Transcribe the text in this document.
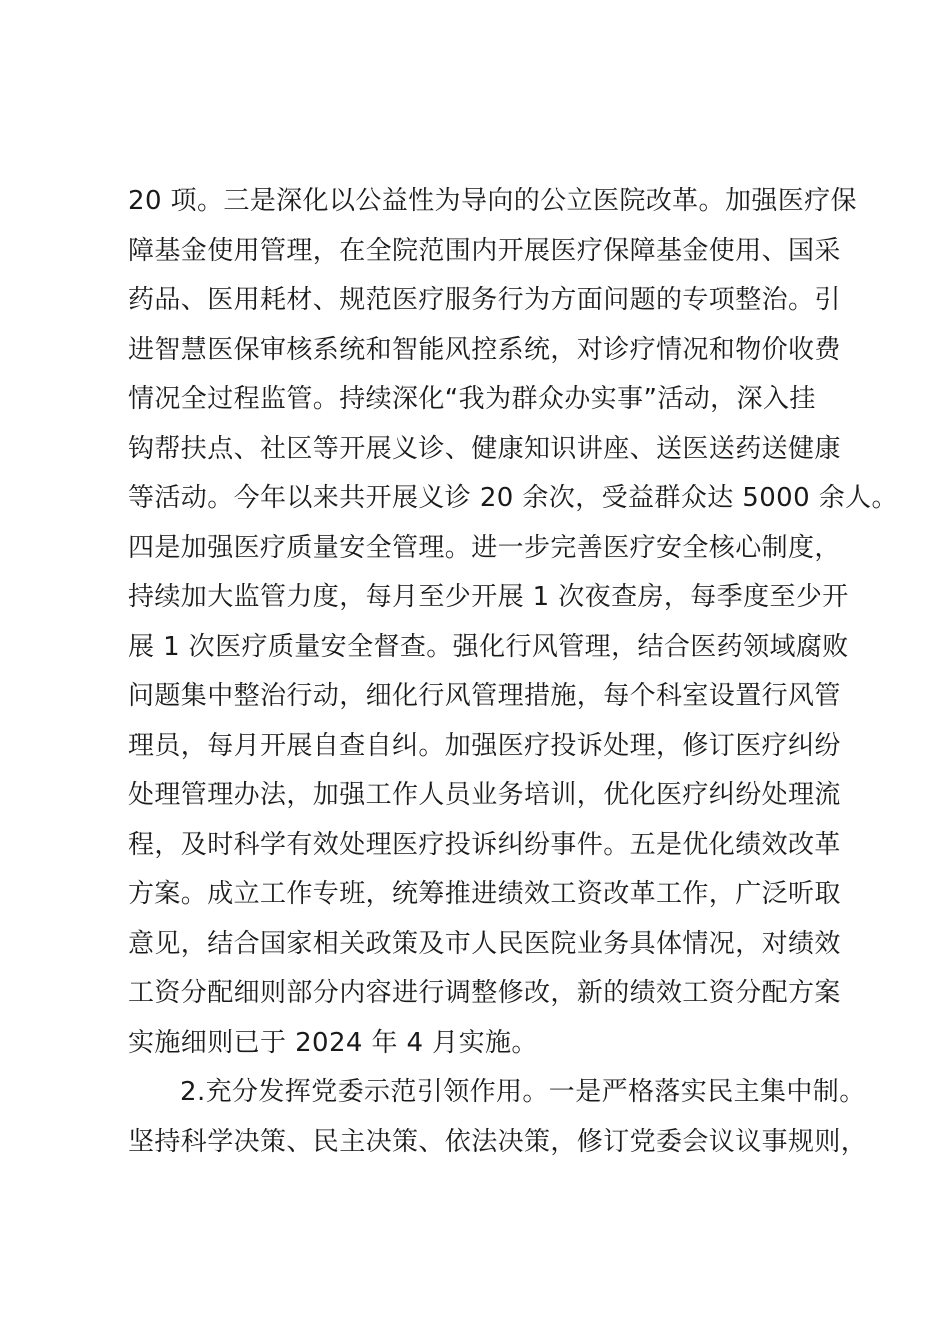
20 项。三是深化以公益性为导向的公立医院改革。加强医疗保
障基金使用管理，在全院范围内开展医疗保障基金使用、国采
药品、医用耗材、规范医疗服务行为方面问题的专项整治。引
进智慧医保审核系统和智能风控系统，对诊疗情况和物价收费
情况全过程监管。持续深化“我为群众办实事”活动，深入挂
钩帮扶点、社区等开展义诊、健康知识讲座、送医送药送健康
等活动。今年以来共开展义诊 20 余次，受益群众达 5000 余人。
四是加强医疗质量安全管理。进一步完善医疗安全核心制度，
持续加大监管力度，每月至少开展 1 次夜查房，每季度至少开
展 1 次医疗质量安全督查。强化行风管理，结合医药领域腐败
问题集中整治行动，细化行风管理措施，每个科室设置行风管
理员，每月开展自查自纠。加强医疗投诉处理，修订医疗纠纷
处理管理办法，加强工作人员业务培训，优化医疗纠纷处理流
程，及时科学有效处理医疗投诉纠纷事件。五是优化绩效改革
方案。成立工作专班，统筹推进绩效工资改革工作，广泛听取
意见，结合国家相关政策及市人民医院业务具体情况，对绩效
工资分配细则部分内容进行调整修改，新的绩效工资分配方案
实施细则已于 2024 年 4 月实施。
2.充分发挥党委示范引领作用。一是严格落实民主集中制。
坚持科学决策、民主决策、依法决策，修订党委会议议事规则，
